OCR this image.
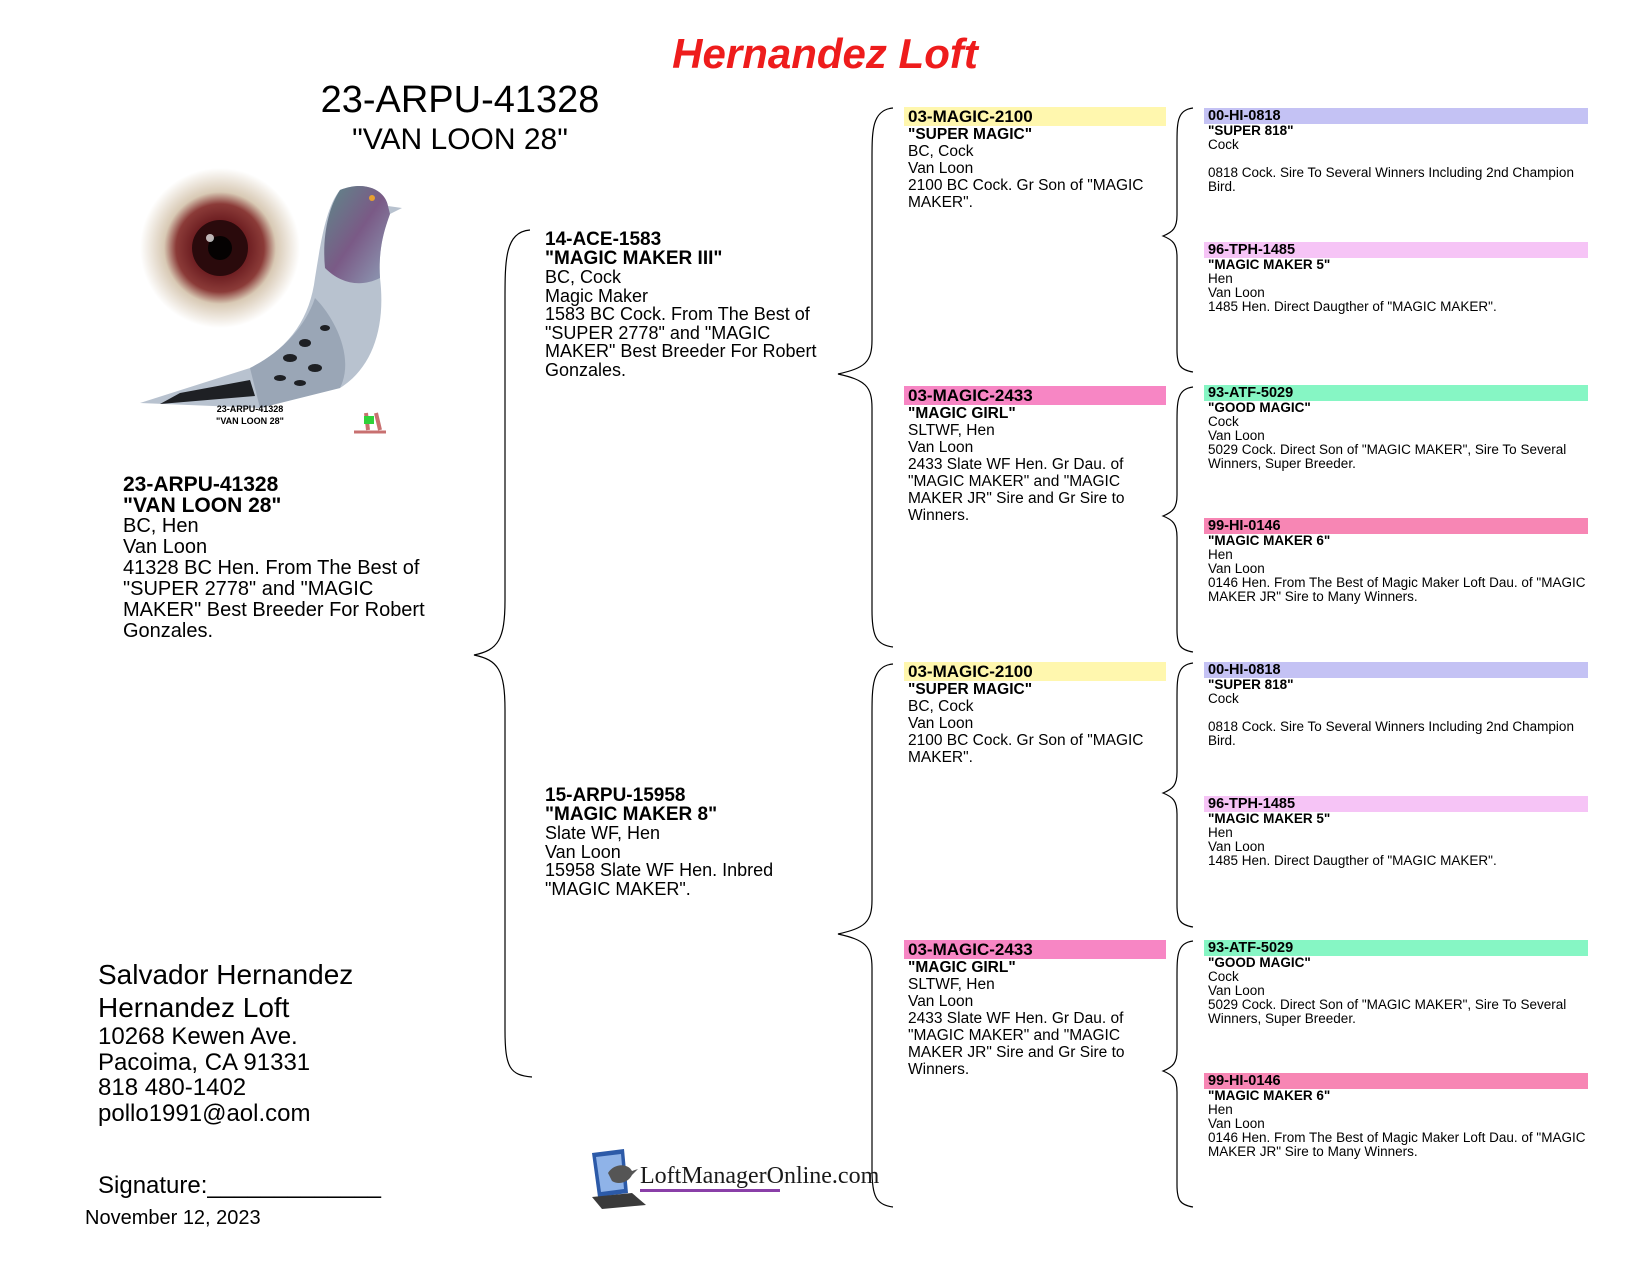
Hernandez Loft
23-ARPU-41328
"VAN LOON 28"
23-ARPU-41328
"VAN LOON 28"
23-ARPU-41328
"VAN LOON 28"
BC, Hen
Van Loon
41328 BC Hen. From The Best of "SUPER 2778" and "MAGIC MAKER" Best Breeder For Robert Gonzales.
14-ACE-1583
"MAGIC MAKER III"
BC, Cock
Magic Maker
1583 BC Cock. From The Best of "SUPER 2778" and "MAGIC MAKER" Best Breeder For Robert Gonzales.
15-ARPU-15958
"MAGIC MAKER 8"
Slate WF, Hen
Van Loon
15958 Slate WF Hen. Inbred "MAGIC MAKER".
03-MAGIC-2100
"SUPER MAGIC"
BC, Cock
Van Loon
2100 BC Cock. Gr Son of "MAGIC MAKER".
03-MAGIC-2433
"MAGIC GIRL"
SLTWF, Hen
Van Loon
2433 Slate WF Hen. Gr Dau. of "MAGIC MAKER" and "MAGIC MAKER JR" Sire and Gr Sire to Winners.
03-MAGIC-2100
"SUPER MAGIC"
BC, Cock
Van Loon
2100 BC Cock. Gr Son of "MAGIC MAKER".
03-MAGIC-2433
"MAGIC GIRL"
SLTWF, Hen
Van Loon
2433 Slate WF Hen. Gr Dau. of "MAGIC MAKER" and "MAGIC MAKER JR" Sire and Gr Sire to Winners.
00-HI-0818
"SUPER 818"
Cock
0818 Cock. Sire To Several Winners Including 2nd Champion Bird.
96-TPH-1485
"MAGIC MAKER 5"
Hen
Van Loon
1485 Hen. Direct Daugther of "MAGIC MAKER".
93-ATF-5029
"GOOD MAGIC"
Cock
Van Loon
5029 Cock. Direct Son of "MAGIC MAKER", Sire To Several Winners, Super Breeder.
99-HI-0146
"MAGIC MAKER 6"
Hen
Van Loon
0146 Hen. From The Best of Magic Maker Loft Dau. of "MAGIC MAKER JR" Sire to Many Winners.
00-HI-0818
"SUPER 818"
Cock
0818 Cock. Sire To Several Winners Including 2nd Champion Bird.
96-TPH-1485
"MAGIC MAKER 5"
Hen
Van Loon
1485 Hen. Direct Daugther of "MAGIC MAKER".
93-ATF-5029
"GOOD MAGIC"
Cock
Van Loon
5029 Cock. Direct Son of "MAGIC MAKER", Sire To Several Winners, Super Breeder.
99-HI-0146
"MAGIC MAKER 6"
Hen
Van Loon
0146 Hen. From The Best of Magic Maker Loft Dau. of "MAGIC MAKER JR" Sire to Many Winners.
Salvador Hernandez
Hernandez Loft
10268 Kewen Ave.
Pacoima, CA 91331
818 480-1402
pollo1991@aol.com
Signature:_____________
November 12, 2023
LoftManagerOnline.com
